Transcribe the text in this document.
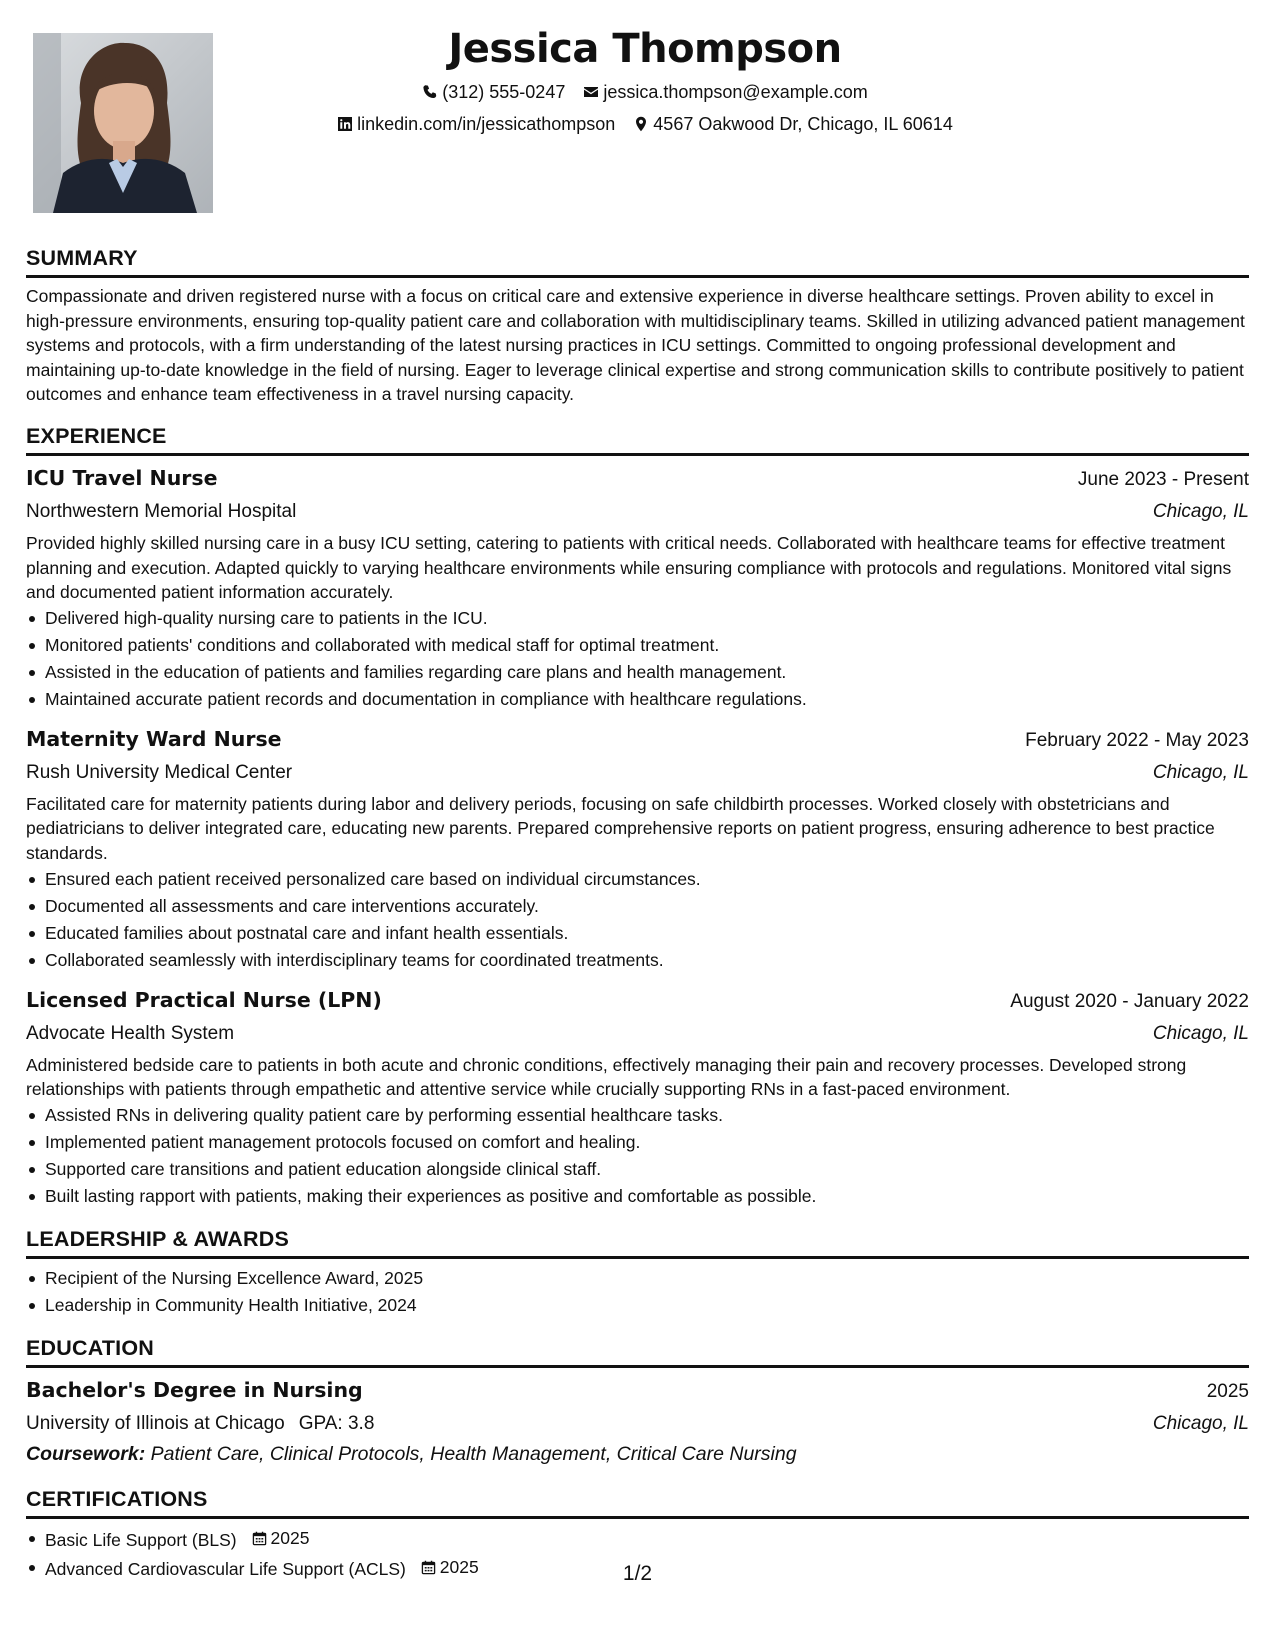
Jessica Thompson
(312) 555-0247 jessica.thompson@example.com
linkedin.com/in/jessicathompson 4567 Oakwood Dr, Chicago, IL 60614
SUMMARY
Compassionate and driven registered nurse with a focus on critical care and extensive experience in diverse healthcare settings. Proven ability to excel in high-pressure environments, ensuring top-quality patient care and collaboration with multidisciplinary teams. Skilled in utilizing advanced patient management systems and protocols, with a firm understanding of the latest nursing practices in ICU settings. Committed to ongoing professional development and maintaining up-to-date knowledge in the field of nursing. Eager to leverage clinical expertise and strong communication skills to contribute positively to patient outcomes and enhance team effectiveness in a travel nursing capacity.
EXPERIENCE
ICU Travel Nurse	June 2023 - Present
Northwestern Memorial Hospital	Chicago, IL
Provided highly skilled nursing care in a busy ICU setting, catering to patients with critical needs. Collaborated with healthcare teams for effective treatment planning and execution. Adapted quickly to varying healthcare environments while ensuring compliance with protocols and regulations. Monitored vital signs and documented patient information accurately.
Delivered high-quality nursing care to patients in the ICU.
Monitored patients' conditions and collaborated with medical staff for optimal treatment.
Assisted in the education of patients and families regarding care plans and health management.
Maintained accurate patient records and documentation in compliance with healthcare regulations.
Maternity Ward Nurse	February 2022 - May 2023
Rush University Medical Center	Chicago, IL
Facilitated care for maternity patients during labor and delivery periods, focusing on safe childbirth processes. Worked closely with obstetricians and pediatricians to deliver integrated care, educating new parents. Prepared comprehensive reports on patient progress, ensuring adherence to best practice standards.
Ensured each patient received personalized care based on individual circumstances.
Documented all assessments and care interventions accurately.
Educated families about postnatal care and infant health essentials.
Collaborated seamlessly with interdisciplinary teams for coordinated treatments.
Licensed Practical Nurse (LPN)	August 2020 - January 2022
Advocate Health System	Chicago, IL
Administered bedside care to patients in both acute and chronic conditions, effectively managing their pain and recovery processes. Developed strong relationships with patients through empathetic and attentive service while crucially supporting RNs in a fast-paced environment.
Assisted RNs in delivering quality patient care by performing essential healthcare tasks.
Implemented patient management protocols focused on comfort and healing.
Supported care transitions and patient education alongside clinical staff.
Built lasting rapport with patients, making their experiences as positive and comfortable as possible.
LEADERSHIP & AWARDS
Recipient of the Nursing Excellence Award, 2025
Leadership in Community Health Initiative, 2024
EDUCATION
Bachelor's Degree in Nursing	2025
University of Illinois at Chicago GPA: 3.8	Chicago, IL
Coursework: Patient Care, Clinical Protocols, Health Management, Critical Care Nursing
CERTIFICATIONS
Basic Life Support (BLS) 2025
Advanced Cardiovascular Life Support (ACLS) 2025	1/2
